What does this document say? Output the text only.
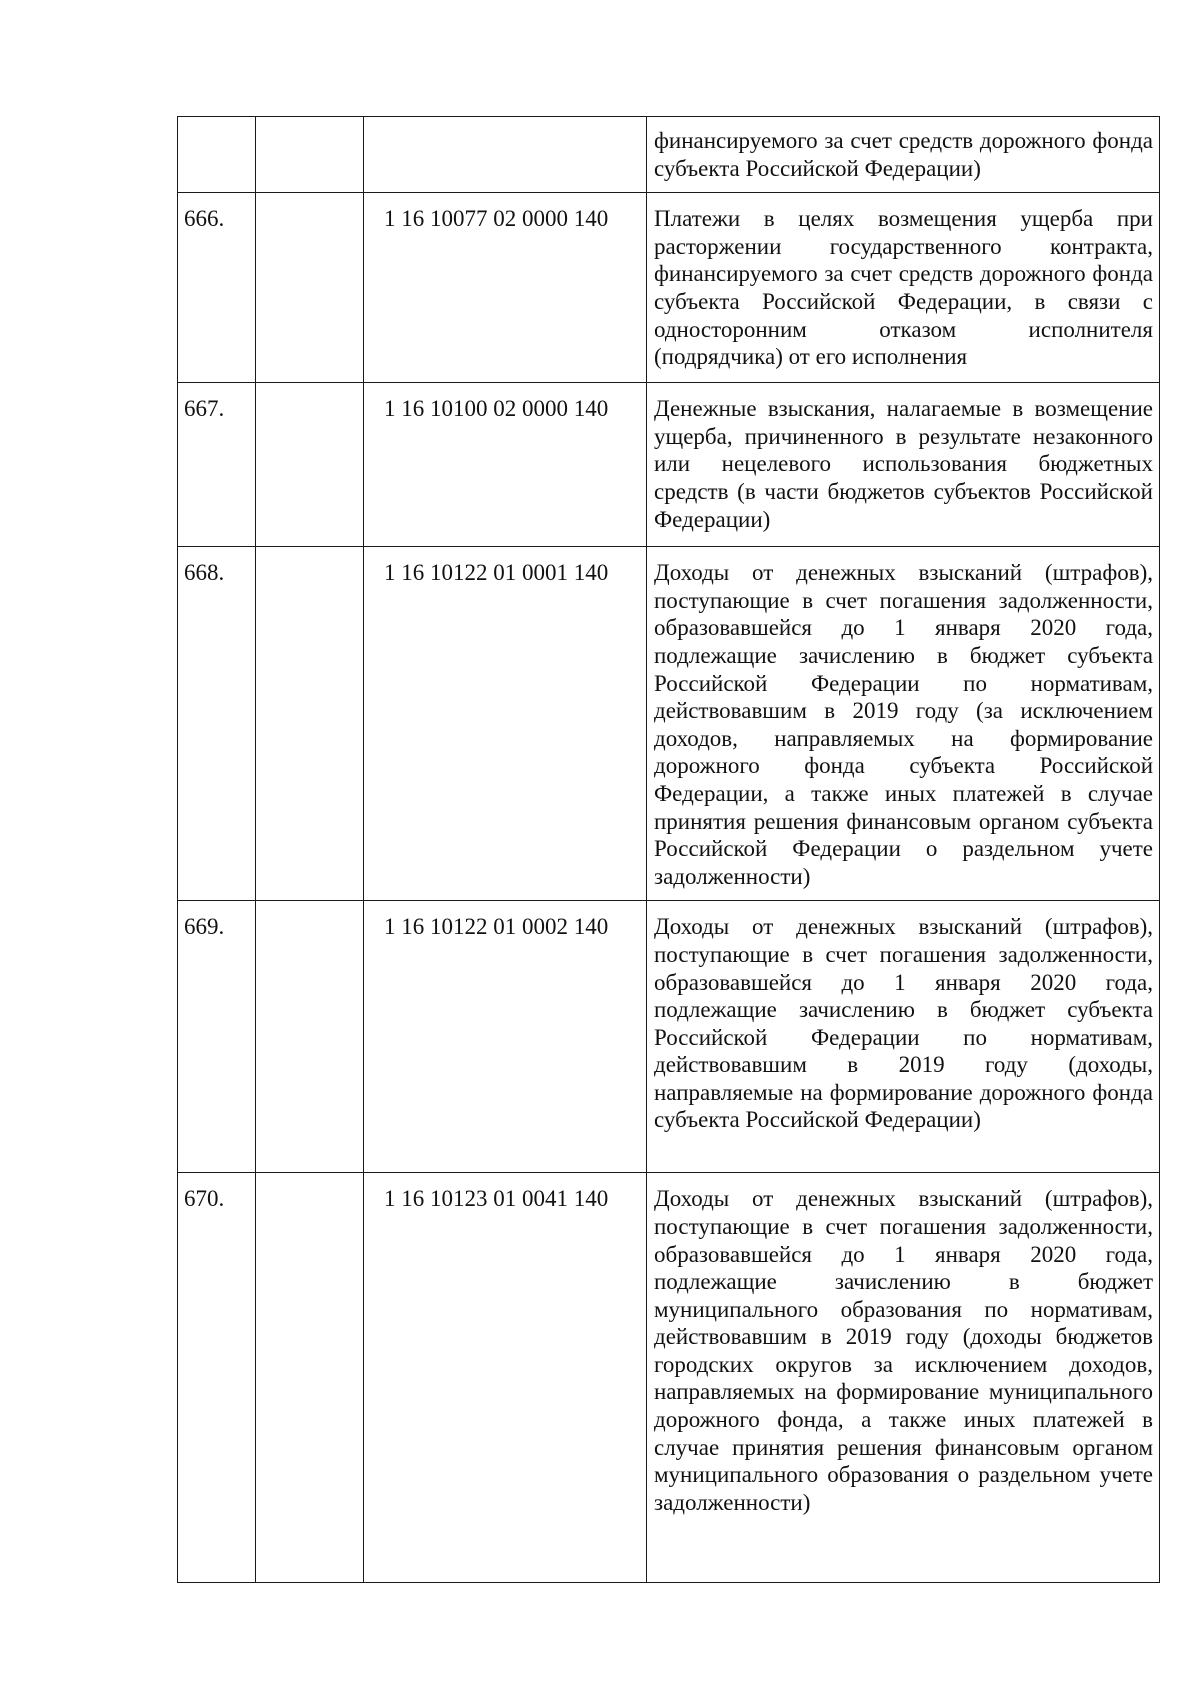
			финансируемого за счет средств дорожного фонда субъекта Российской Федерации)

666.		1 16 10077 02 0000 140	Платежи в целях возмещения ущерба при расторжении государственного контракта, финансируемого за счет средств дорожного фонда субъекта Российской Федерации, в связи с односторонним отказом исполнителя (подрядчика) от его исполнения

667.		1 16 10100 02 0000 140	Денежные взыскания, налагаемые в возмещение ущерба, причиненного в результате незаконного или нецелевого использования бюджетных средств (в части бюджетов субъектов Российской Федерации)

668.		1 16 10122 01 0001 140	Доходы от денежных взысканий (штрафов), поступающие в счет погашения задолженности, образовавшейся до 1 января 2020 года, подлежащие зачислению в бюджет субъекта Российской Федерации по нормативам, действовавшим в 2019 году (за исключением доходов, направляемых на формирование дорожного фонда субъекта Российской Федерации, а также иных платежей в случае принятия решения финансовым органом субъекта Российской Федерации о раздельном учете задолженности)

669.		1 16 10122 01 0002 140	Доходы от денежных взысканий (штрафов), поступающие в счет погашения задолженности, образовавшейся до 1 января 2020 года, подлежащие зачислению в бюджет субъекта Российской Федерации по нормативам, действовавшим в 2019 году (доходы, направляемые на формирование дорожного фонда субъекта Российской Федерации)

670.		1 16 10123 01 0041 140	Доходы от денежных взысканий (штрафов), поступающие в счет погашения задолженности, образовавшейся до 1 января 2020 года, подлежащие зачислению в бюджет муниципального образования по нормативам, действовавшим в 2019 году (доходы бюджетов городских округов за исключением доходов, направляемых на формирование муниципального дорожного фонда, а также иных платежей в случае принятия решения финансовым органом муниципального образования о раздельном учете задолженности)
